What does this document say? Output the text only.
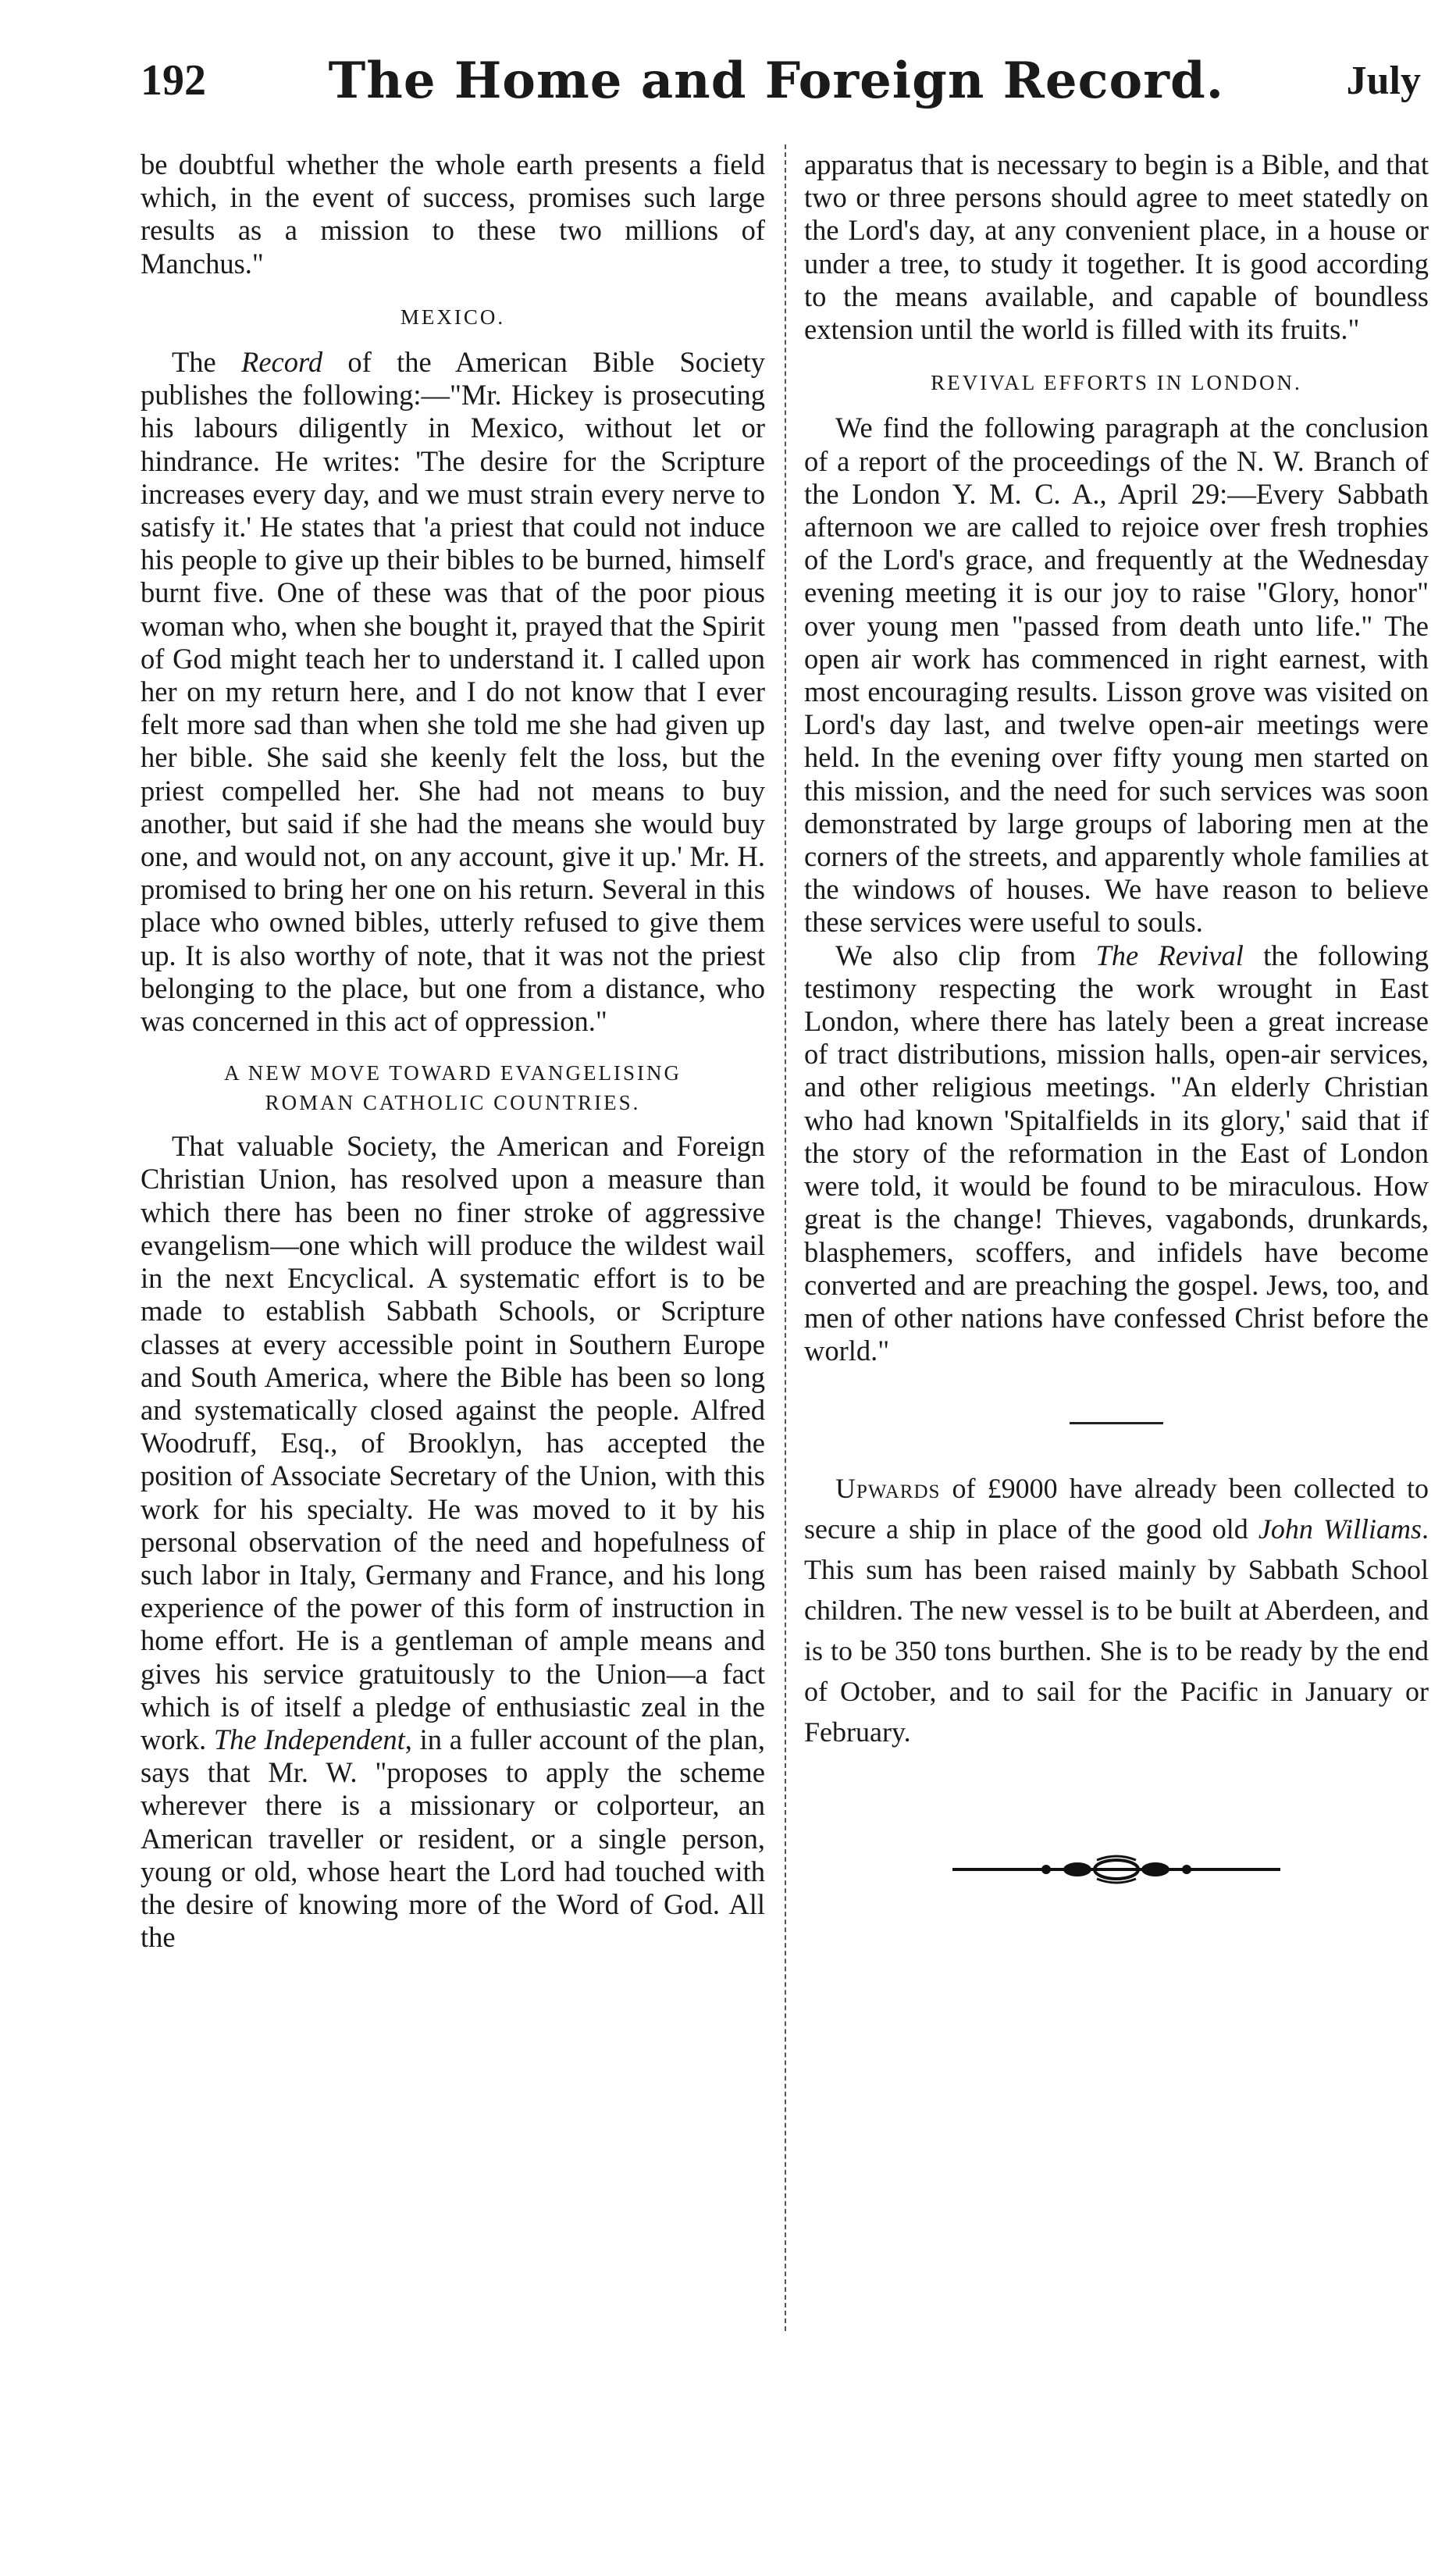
192 The Home and Foreign Record.	July

be doubtful whether the whole earth presents a field which, in the event of success, promises such large results as a mission to these two millions of Manchus."

MEXICO.

The Record of the American Bible Society publishes the following:—"Mr. Hickey is prosecuting his labours diligently in Mexico, without let or hindrance. He writes: 'The desire for the Scripture increases every day, and we must strain every nerve to satisfy it.' He states that 'a priest that could not induce his people to give up their bibles to be burned, himself burnt five. One of these was that of the poor pious woman who, when she bought it, prayed that the Spirit of God might teach her to understand it. I called upon her on my return here, and I do not know that I ever felt more sad than when she told me she had given up her bible. She said she keenly felt the loss, but the priest compelled her. She had not means to buy another, but said if she had the means she would buy one, and would not, on any account, give it up.' Mr. H. promised to bring her one on his return. Several in this place who owned bibles, utterly refused to give them up. It is also worthy of note, that it was not the priest belonging to the place, but one from a distance, who was concerned in this act of oppression."

A NEW MOVE TOWARD EVANGELISING
ROMAN CATHOLIC COUNTRIES.

That valuable Society, the American and Foreign Christian Union, has resolved upon a measure than which there has been no finer stroke of aggressive evangelism—one which will produce the wildest wail in the next Encyclical. A systematic effort is to be made to establish Sabbath Schools, or Scripture classes at every accessible point in Southern Europe and South America, where the Bible has been so long and systematically closed against the people. Alfred Woodruff, Esq., of Brooklyn, has accepted the position of Associate Secretary of the Union, with this work for his specialty. He was moved to it by his personal observation of the need and hopefulness of such labor in Italy, Germany and France, and his long experience of the power of this form of instruction in home effort. He is a gentleman of ample means and gives his service gratuitously to the Union—a fact which is of itself a pledge of enthusiastic zeal in the work. The Independent, in a fuller account of the plan, says that Mr. W. "proposes to apply the scheme wherever there is a missionary or colporteur, an American traveller or resident, or a single person, young or old, whose heart the Lord had touched with the desire of knowing more of the Word of God. All the

apparatus that is necessary to begin is a Bible, and that two or three persons should agree to meet statedly on the Lord's day, at any convenient place, in a house or under a tree, to study it together. It is good according to the means available, and capable of boundless extension until the world is filled with its fruits."

REVIVAL EFFORTS IN LONDON.

We find the following paragraph at the conclusion of a report of the proceedings of the N. W. Branch of the London Y. M. C. A., April 29:—Every Sabbath afternoon we are called to rejoice over fresh trophies of the Lord's grace, and frequently at the Wednesday evening meeting it is our joy to raise "Glory, honor" over young men "passed from death unto life." The open air work has commenced in right earnest, with most encouraging results. Lisson grove was visited on Lord's day last, and twelve open-air meetings were held. In the evening over fifty young men started on this mission, and the need for such services was soon demonstrated by large groups of laboring men at the corners of the streets, and apparently whole families at the windows of houses. We have reason to believe these services were useful to souls.

We also clip from The Revival the following testimony respecting the work wrought in East London, where there has lately been a great increase of tract distributions, mission halls, open-air services, and other religious meetings. "An elderly Christian who had known 'Spitalfields in its glory,' said that if the story of the reformation in the East of London were told, it would be found to be miraculous. How great is the change! Thieves, vagabonds, drunkards, blasphemers, scoffers, and infidels have become converted and are preaching the gospel. Jews, too, and men of other nations have confessed Christ before the world."

Upwards of £9000 have already been collected to secure a ship in place of the good old John Williams. This sum has been raised mainly by Sabbath School children. The new vessel is to be built at Aberdeen, and is to be 350 tons burthen. She is to be ready by the end of October, and to sail for the Pacific in January or February.
